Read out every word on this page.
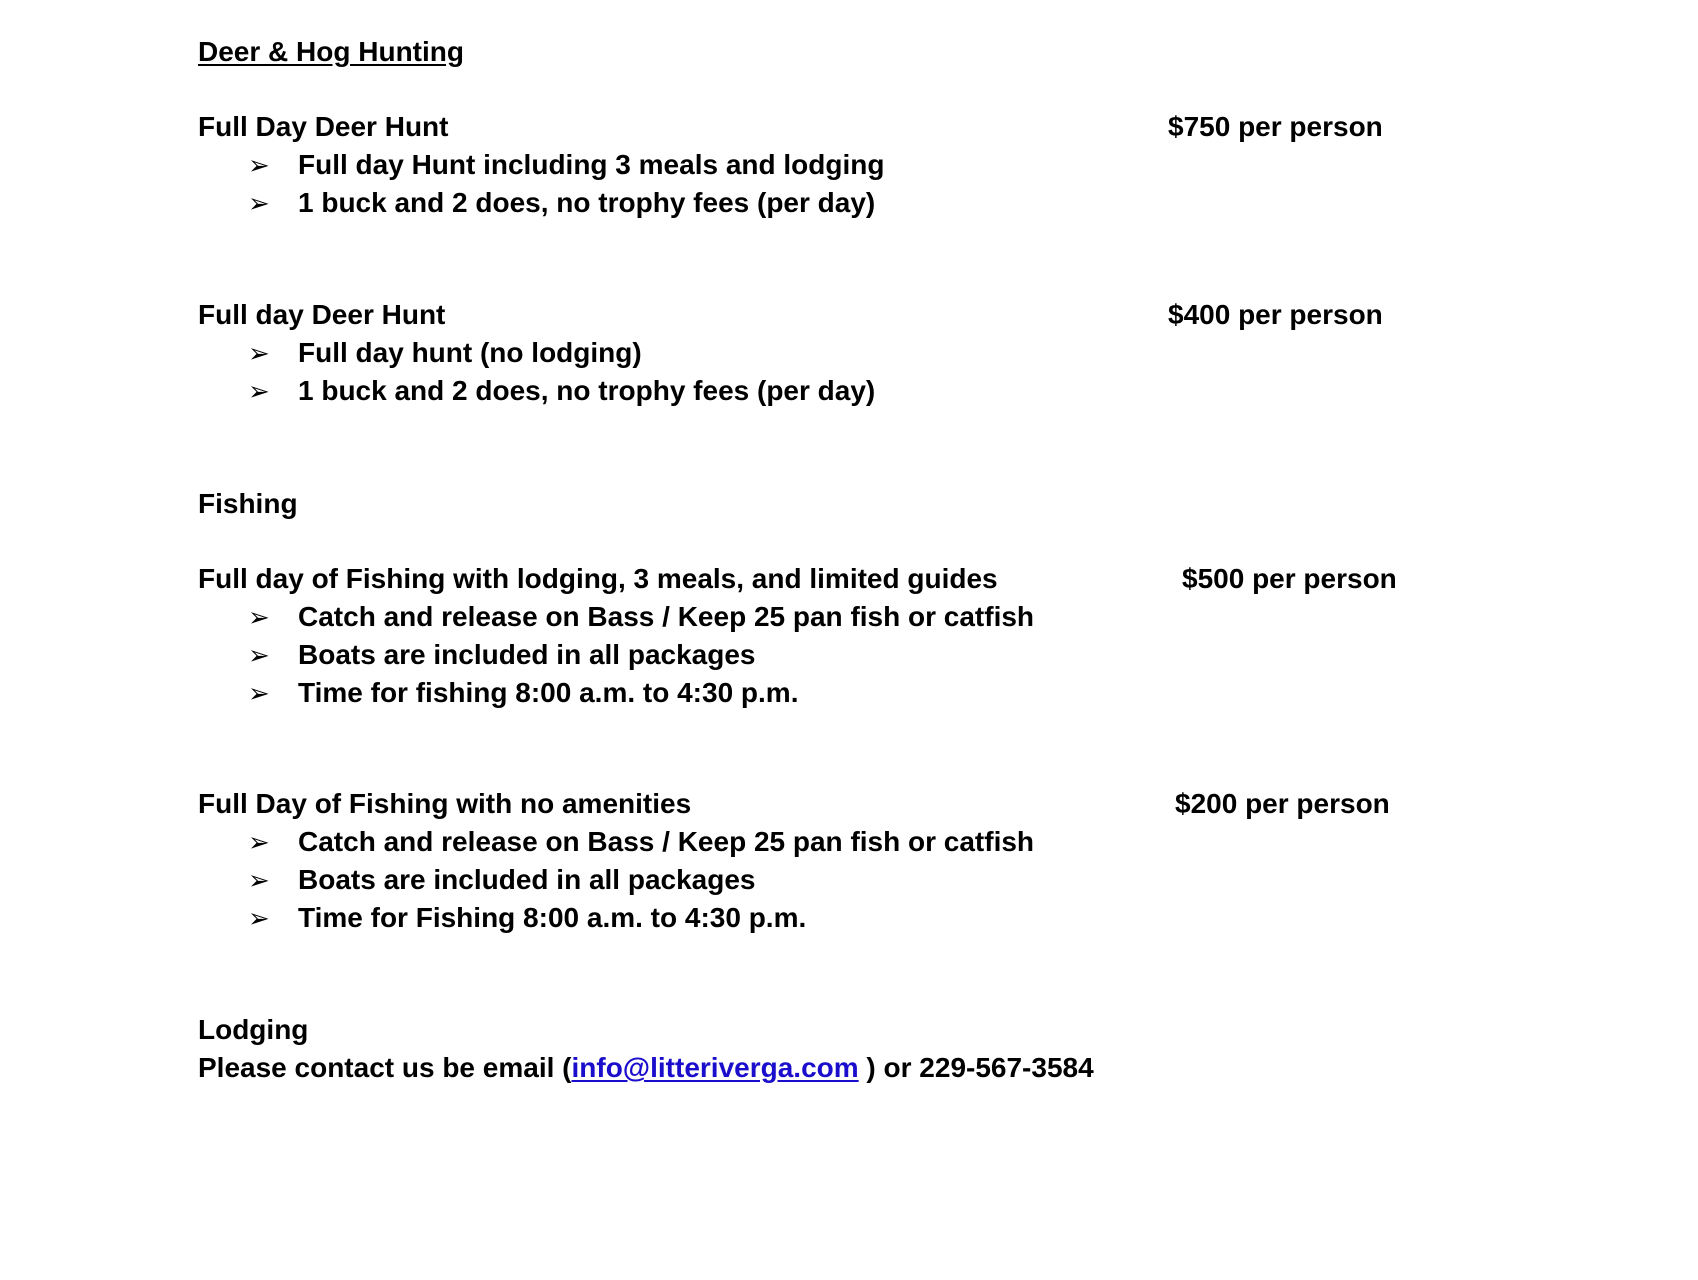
Deer & Hog Hunting
Full Day Deer Hunt	$750 per person
➢ Full day Hunt including 3 meals and lodging
➢ 1 buck and 2 does, no trophy fees (per day)
Full day Deer Hunt	$400 per person
➢ Full day hunt (no lodging)
➢ 1 buck and 2 does, no trophy fees (per day)
Fishing
Full day of Fishing with lodging, 3 meals, and limited guides	$500 per person
➢ Catch and release on Bass / Keep 25 pan fish or catfish
➢ Boats are included in all packages
➢ Time for fishing 8:00 a.m. to 4:30 p.m.
Full Day of Fishing with no amenities	$200 per person
➢ Catch and release on Bass / Keep 25 pan fish or catfish
➢ Boats are included in all packages
➢ Time for Fishing 8:00 a.m. to 4:30 p.m.
Lodging
Please contact us be email (info@litteriverga.com ) or 229-567-3584
